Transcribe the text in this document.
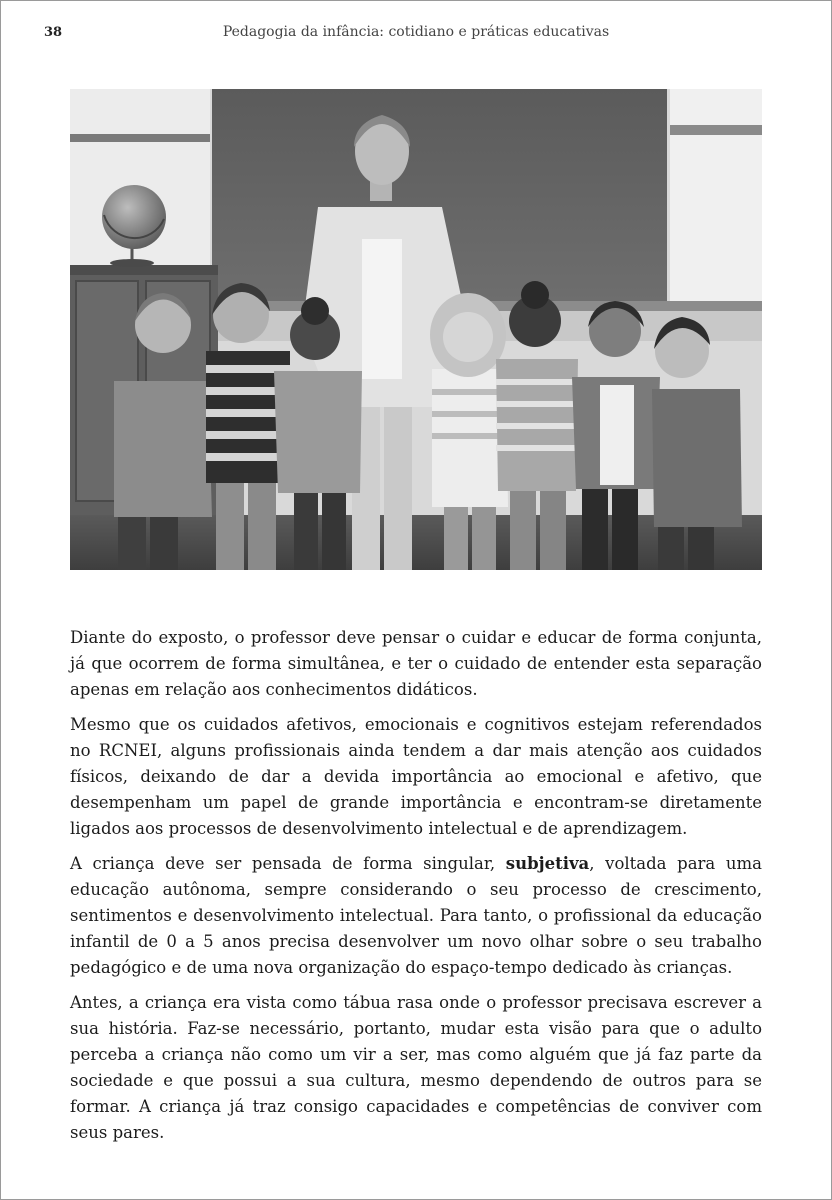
38	Pedagogia da infância: cotidiano e práticas educativas

Diante do exposto, o professor deve pensar o cuidar e educar de forma conjunta, já que ocorrem de forma simultânea, e ter o cuidado de entender esta separação apenas em relação aos conhecimentos didáticos.

Mesmo que os cuidados afetivos, emocionais e cognitivos estejam referendados no RCNEI, alguns profissionais ainda tendem a dar mais atenção aos cuidados físicos, deixando de dar a devida importância ao emocional e afetivo, que desempenham um papel de grande importância e encontram-se diretamente ligados aos processos de desenvolvimento intelectual e de aprendizagem.

A criança deve ser pensada de forma singular, subjetiva, voltada para uma educação autônoma, sempre considerando o seu processo de crescimento, sentimentos e desenvolvimento intelectual. Para tanto, o profissional da educação infantil de 0 a 5 anos precisa desenvolver um novo olhar sobre o seu trabalho pedagógico e de uma nova organização do espaço-tempo dedicado às crianças.

Antes, a criança era vista como tábua rasa onde o professor precisava escrever a sua história. Faz-se necessário, portanto, mudar esta visão para que o adulto perceba a criança não como um vir a ser, mas como alguém que já faz parte da sociedade e que possui a sua cultura, mesmo dependendo de outros para se formar. A criança já traz consigo capacidades e competências de conviver com seus pares.
